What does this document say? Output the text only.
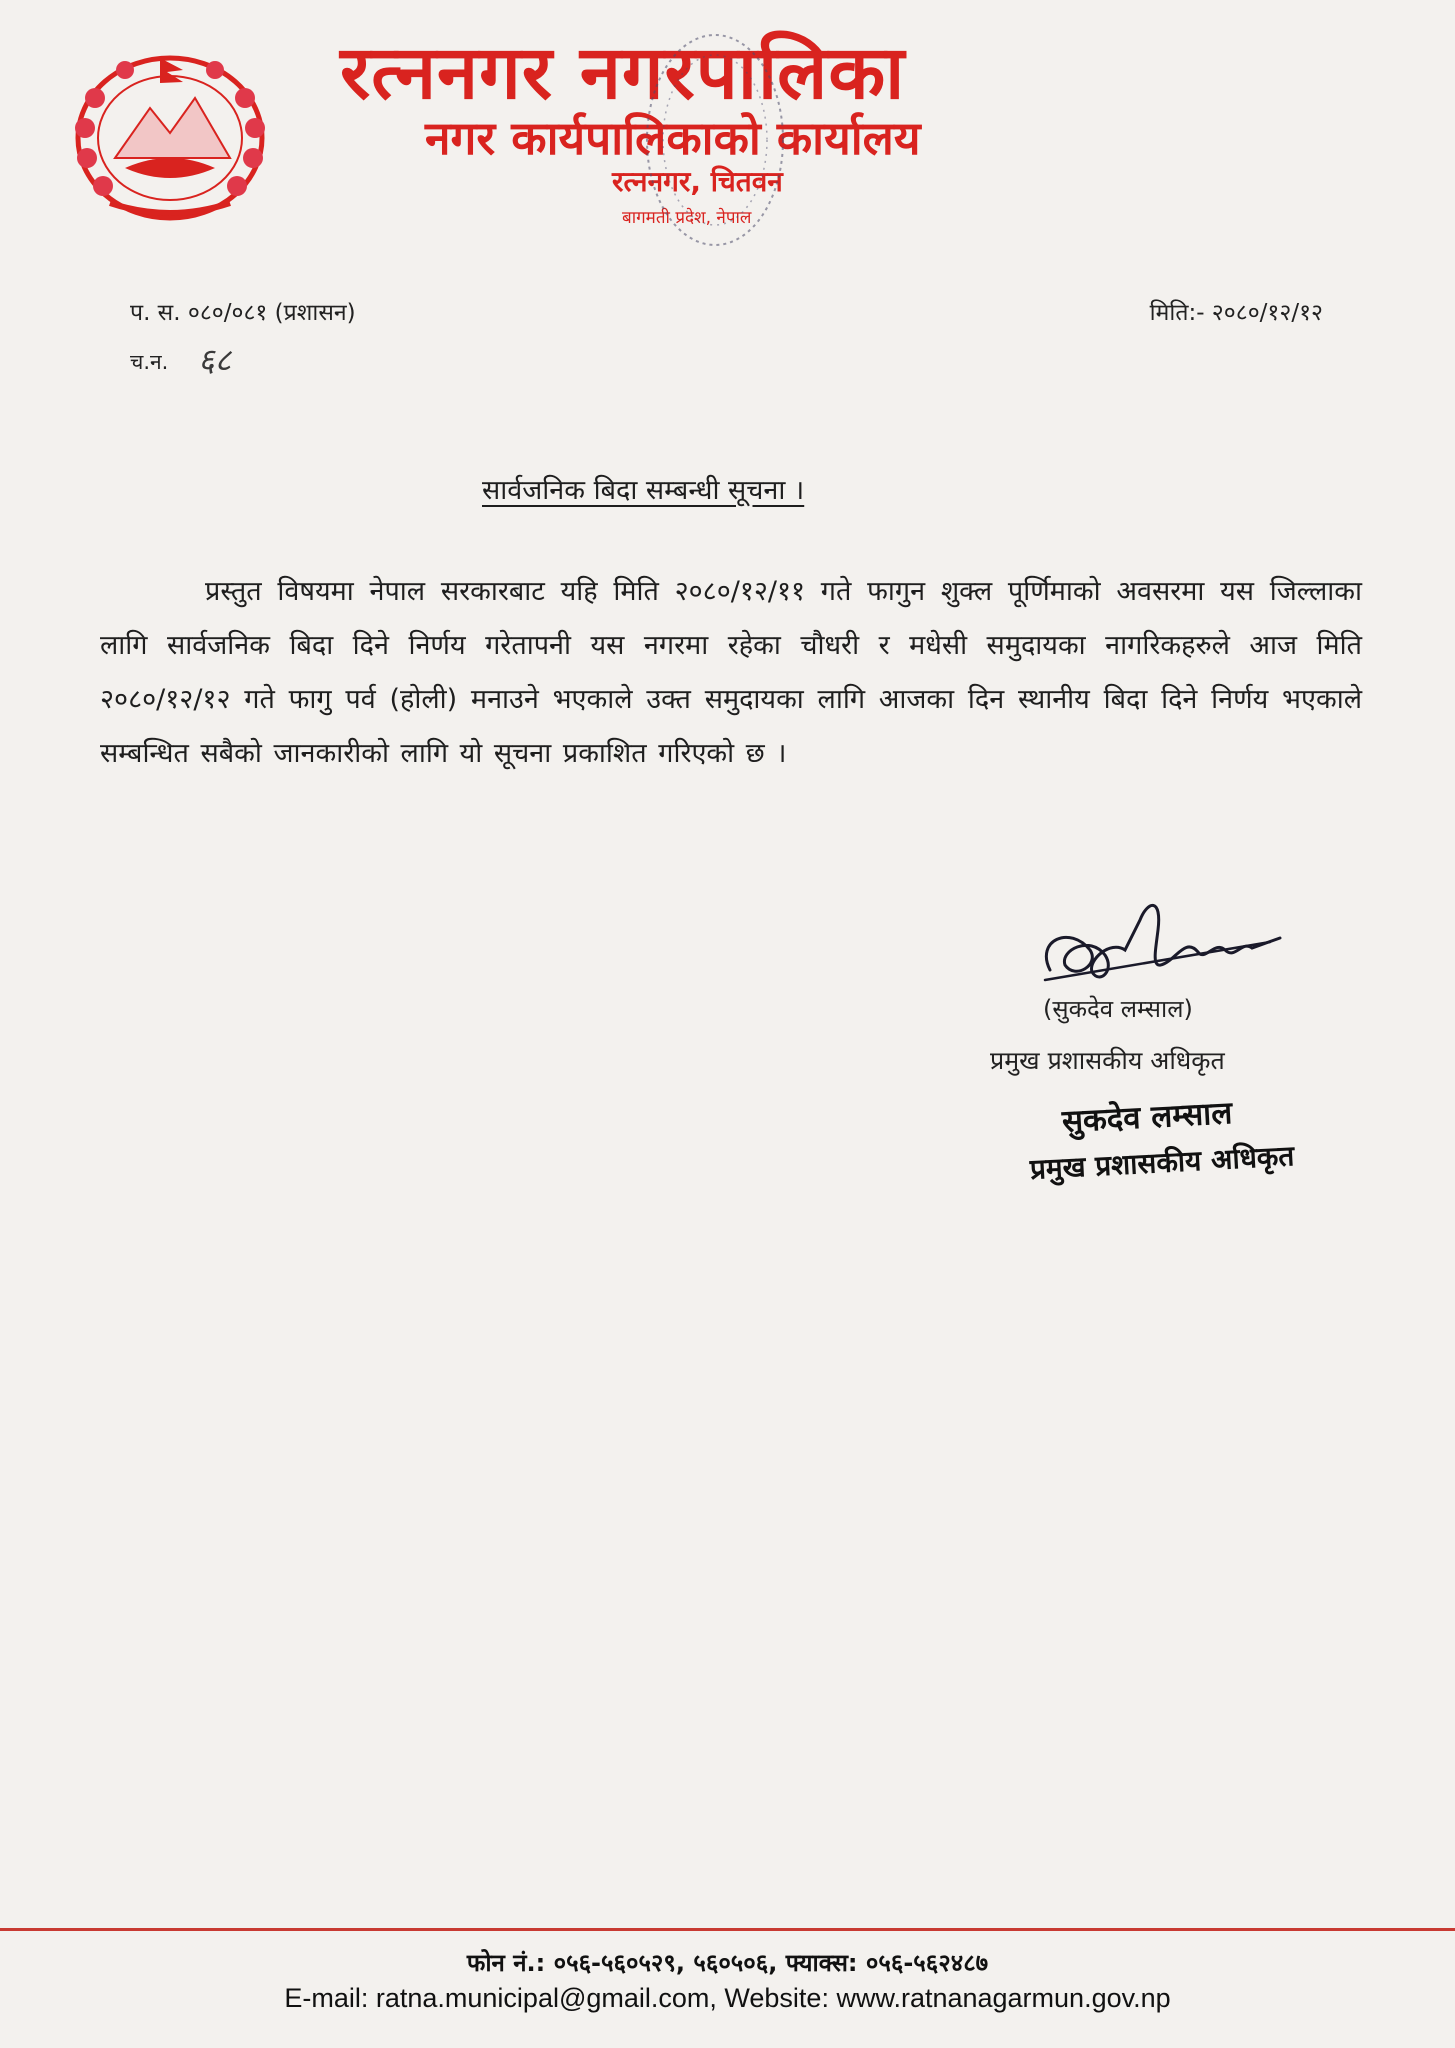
रत्ननगर नगरपालिका
नगर कार्यपालिकाको कार्यालय
रत्ननगर, चितवन
बागमती प्रदेश, नेपाल
प. स. ०८०/०८१ (प्रशासन)	मिति:- २०८०/१२/१२
च.न. ६८
सार्वजनिक बिदा सम्बन्धी सूचना ।
प्रस्तुत विषयमा नेपाल सरकारबाट यहि मिति २०८०/१२/११ गते फागुन शुक्ल पूर्णिमाको अवसरमा यस जिल्लाका लागि सार्वजनिक बिदा दिने निर्णय गरेतापनी यस नगरमा रहेका चौधरी र मधेसी समुदायका नागरिकहरुले आज मिति २०८०/१२/१२ गते फागु पर्व (होली) मनाउने भएकाले उक्त समुदायका लागि आजका दिन स्थानीय बिदा दिने निर्णय भएकाले सम्बन्धित सबैको जानकारीको लागि यो सूचना प्रकाशित गरिएको छ ।
(सुकदेव लम्साल)
प्रमुख प्रशासकीय अधिकृत
सुकदेव लम्साल
प्रमुख प्रशासकीय अधिकृत
फोन नं.: ०५६-५६०५२९, ५६०५०६, फ्याक्स: ०५६-५६२४८७
E-mail: ratna.municipal@gmail.com, Website: www.ratnanagarmun.gov.np
